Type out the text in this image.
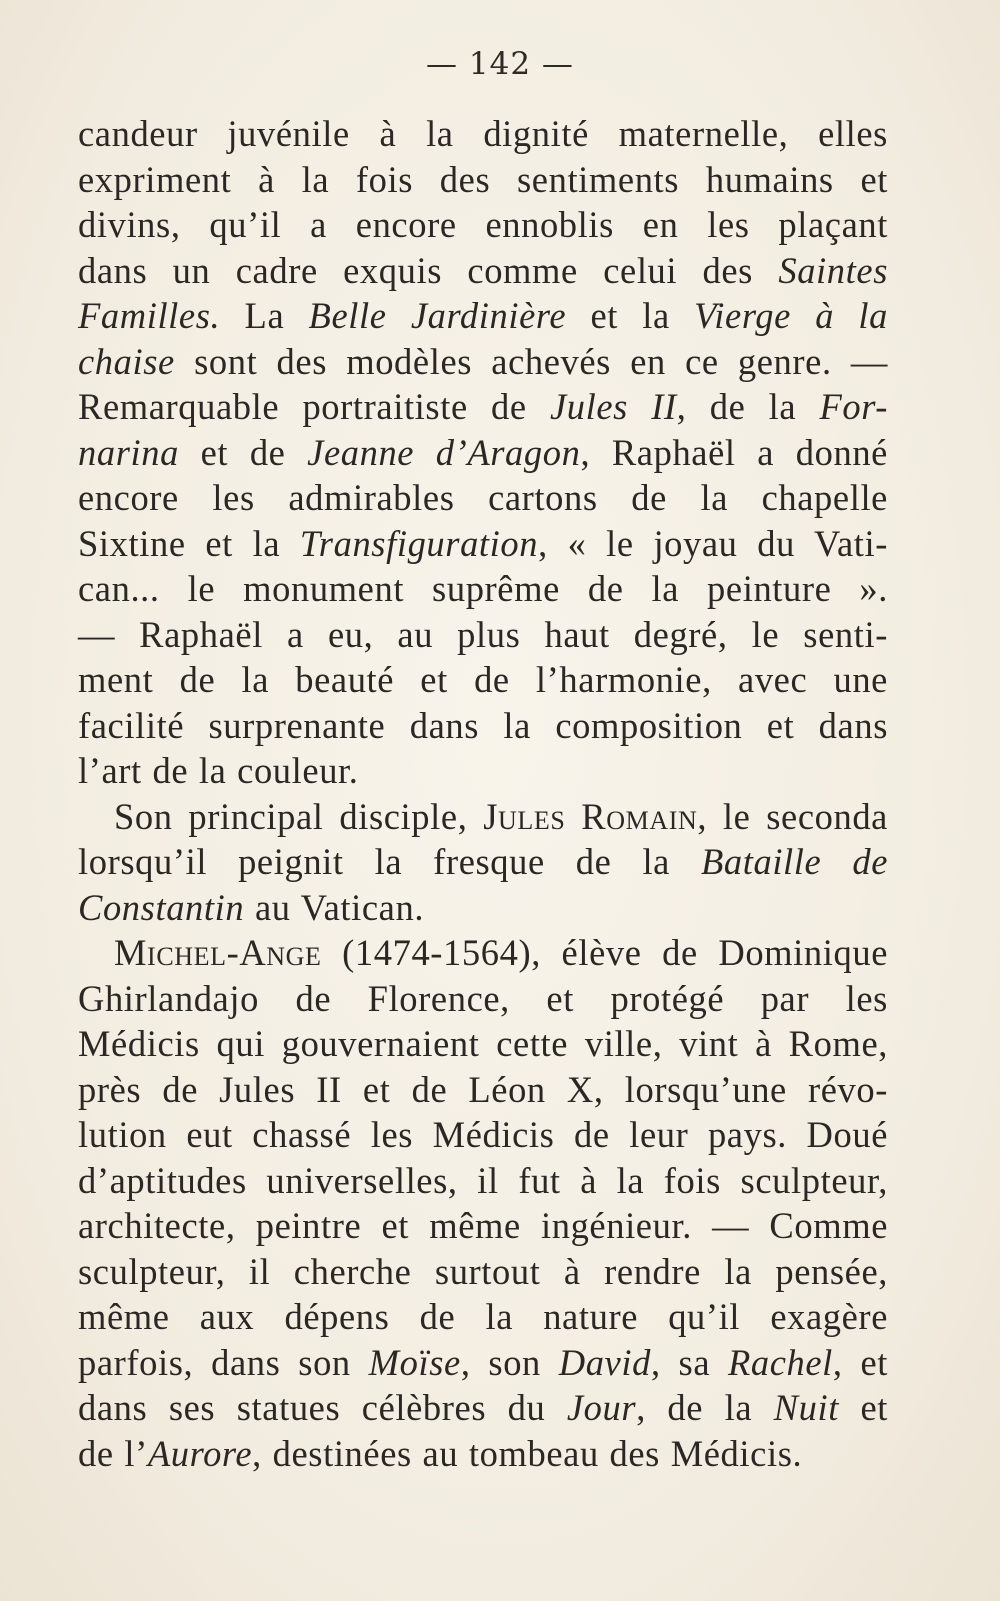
— 142 —
candeur juvénile à la dignité maternelle, elles
expriment à la fois des sentiments humains et
divins, qu’il a encore ennoblis en les plaçant
dans un cadre exquis comme celui des Saintes
Familles. La Belle Jardinière et la Vierge à la
chaise sont des modèles achevés en ce genre. —
Remarquable portraitiste de Jules II, de la For-
narina et de Jeanne d’Aragon, Raphaël a donné
encore les admirables cartons de la chapelle
Sixtine et la Transfiguration, « le joyau du Vati-
can... le monument suprême de la peinture ».
— Raphaël a eu, au plus haut degré, le senti-
ment de la beauté et de l’harmonie, avec une
facilité surprenante dans la composition et dans
l’art de la couleur.
Son principal disciple, Jules Romain, le seconda
lorsqu’il peignit la fresque de la Bataille de
Constantin au Vatican.
Michel-Ange (1474-1564), élève de Dominique
Ghirlandajo de Florence, et protégé par les
Médicis qui gouvernaient cette ville, vint à Rome,
près de Jules II et de Léon X, lorsqu’une révo-
lution eut chassé les Médicis de leur pays. Doué
d’aptitudes universelles, il fut à la fois sculpteur,
architecte, peintre et même ingénieur. — Comme
sculpteur, il cherche surtout à rendre la pensée,
même aux dépens de la nature qu’il exagère
parfois, dans son Moïse, son David, sa Rachel, et
dans ses statues célèbres du Jour, de la Nuit et
de l’Aurore, destinées au tombeau des Médicis.
